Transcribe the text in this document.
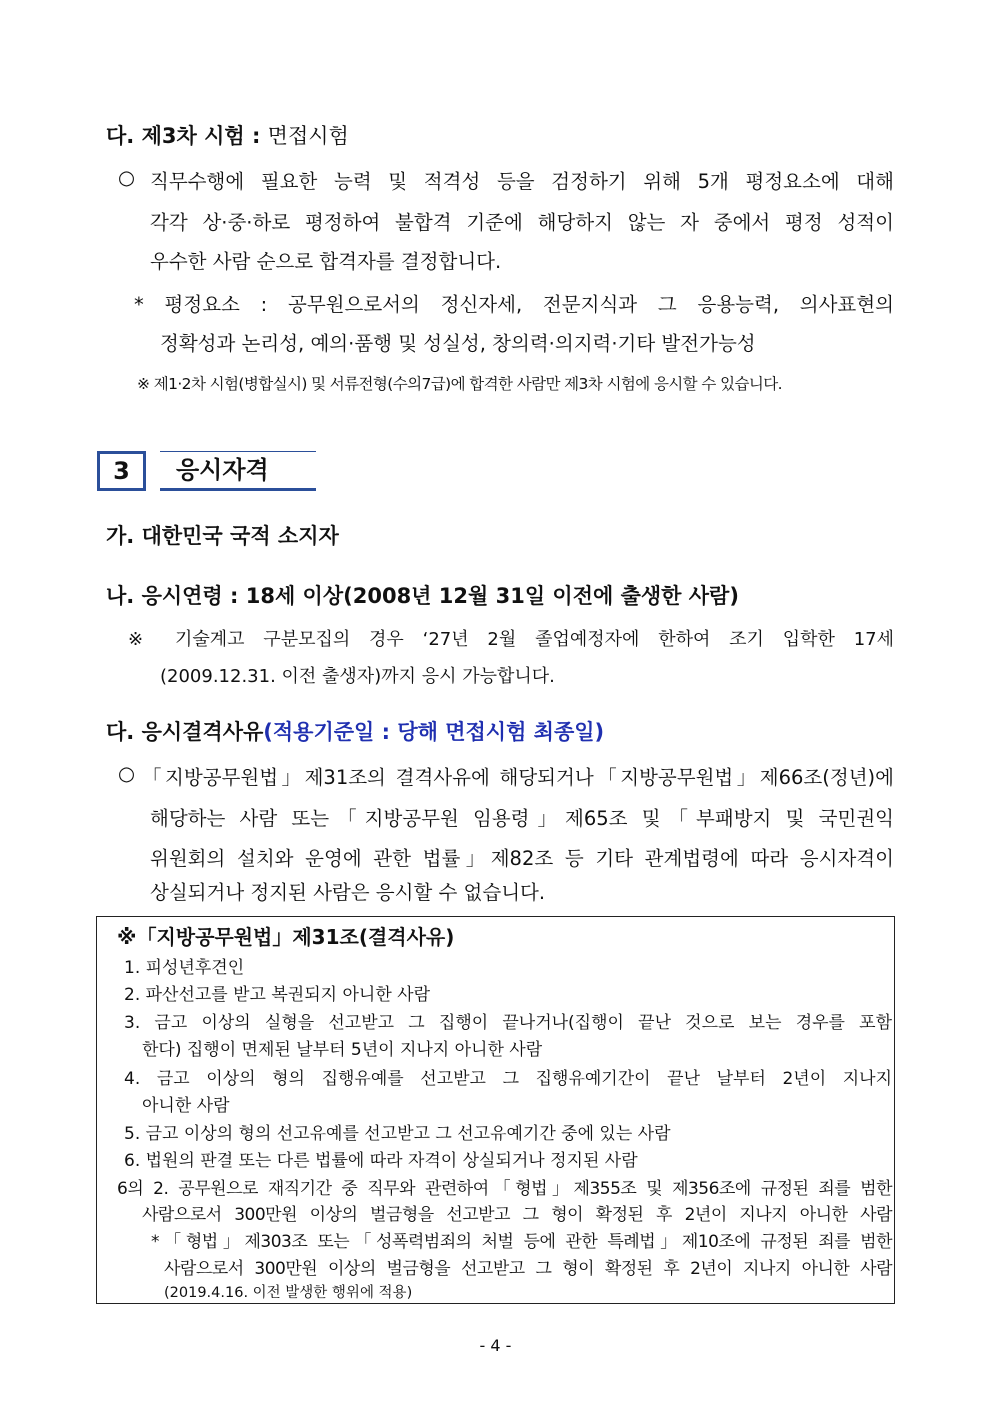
다. 제3차 시험 : 면접시험
○ 직무수행에 필요한 능력 및 적격성 등을 검정하기 위해 5개 평정요소에 대해
각각 상·중·하로 평정하여 불합격 기준에 해당하지 않는 자 중에서 평정 성적이
우수한 사람 순으로 합격자를 결정합니다.
* 평정요소 : 공무원으로서의 정신자세, 전문지식과 그 응용능력, 의사표현의
정확성과 논리성, 예의·품행 및 성실성, 창의력·의지력·기타 발전가능성
※ 제1·2차 시험(병합실시) 및 서류전형(수의7급)에 합격한 사람만 제3차 시험에 응시할 수 있습니다.
3	응시자격
가. 대한민국 국적 소지자
나. 응시연령 : 18세 이상(2008년 12월 31일 이전에 출생한 사람)
※ 기술계고 구분모집의 경우 ‘27년 2월 졸업예정자에 한하여 조기 입학한 17세
(2009.12.31. 이전 출생자)까지 응시 가능합니다.
다. 응시결격사유(적용기준일 : 당해 면접시험 최종일)
○ 「지방공무원법」제31조의 결격사유에 해당되거나「지방공무원법」제66조(정년)에
해당하는 사람 또는「지방공무원 임용령」제65조 및「부패방지 및 국민권익
위원회의 설치와 운영에 관한 법률」제82조 등 기타 관계법령에 따라 응시자격이
상실되거나 정지된 사람은 응시할 수 없습니다.
※「지방공무원법」제31조(결격사유)
1. 피성년후견인
2. 파산선고를 받고 복권되지 아니한 사람
3. 금고 이상의 실형을 선고받고 그 집행이 끝나거나(집행이 끝난 것으로 보는 경우를 포함
한다) 집행이 면제된 날부터 5년이 지나지 아니한 사람
4. 금고 이상의 형의 집행유예를 선고받고 그 집행유예기간이 끝난 날부터 2년이 지나지
아니한 사람
5. 금고 이상의 형의 선고유예를 선고받고 그 선고유예기간 중에 있는 사람
6. 법원의 판결 또는 다른 법률에 따라 자격이 상실되거나 정지된 사람
6의 2. 공무원으로 재직기간 중 직무와 관련하여「형법」제355조 및 제356조에 규정된 죄를 범한
사람으로서 300만원 이상의 벌금형을 선고받고 그 형이 확정된 후 2년이 지나지 아니한 사람
*「형법」제303조 또는「성폭력범죄의 처벌 등에 관한 특례법」제10조에 규정된 죄를 범한
사람으로서 300만원 이상의 벌금형을 선고받고 그 형이 확정된 후 2년이 지나지 아니한 사람
(2019.4.16. 이전 발생한 행위에 적용)
- 4 -
